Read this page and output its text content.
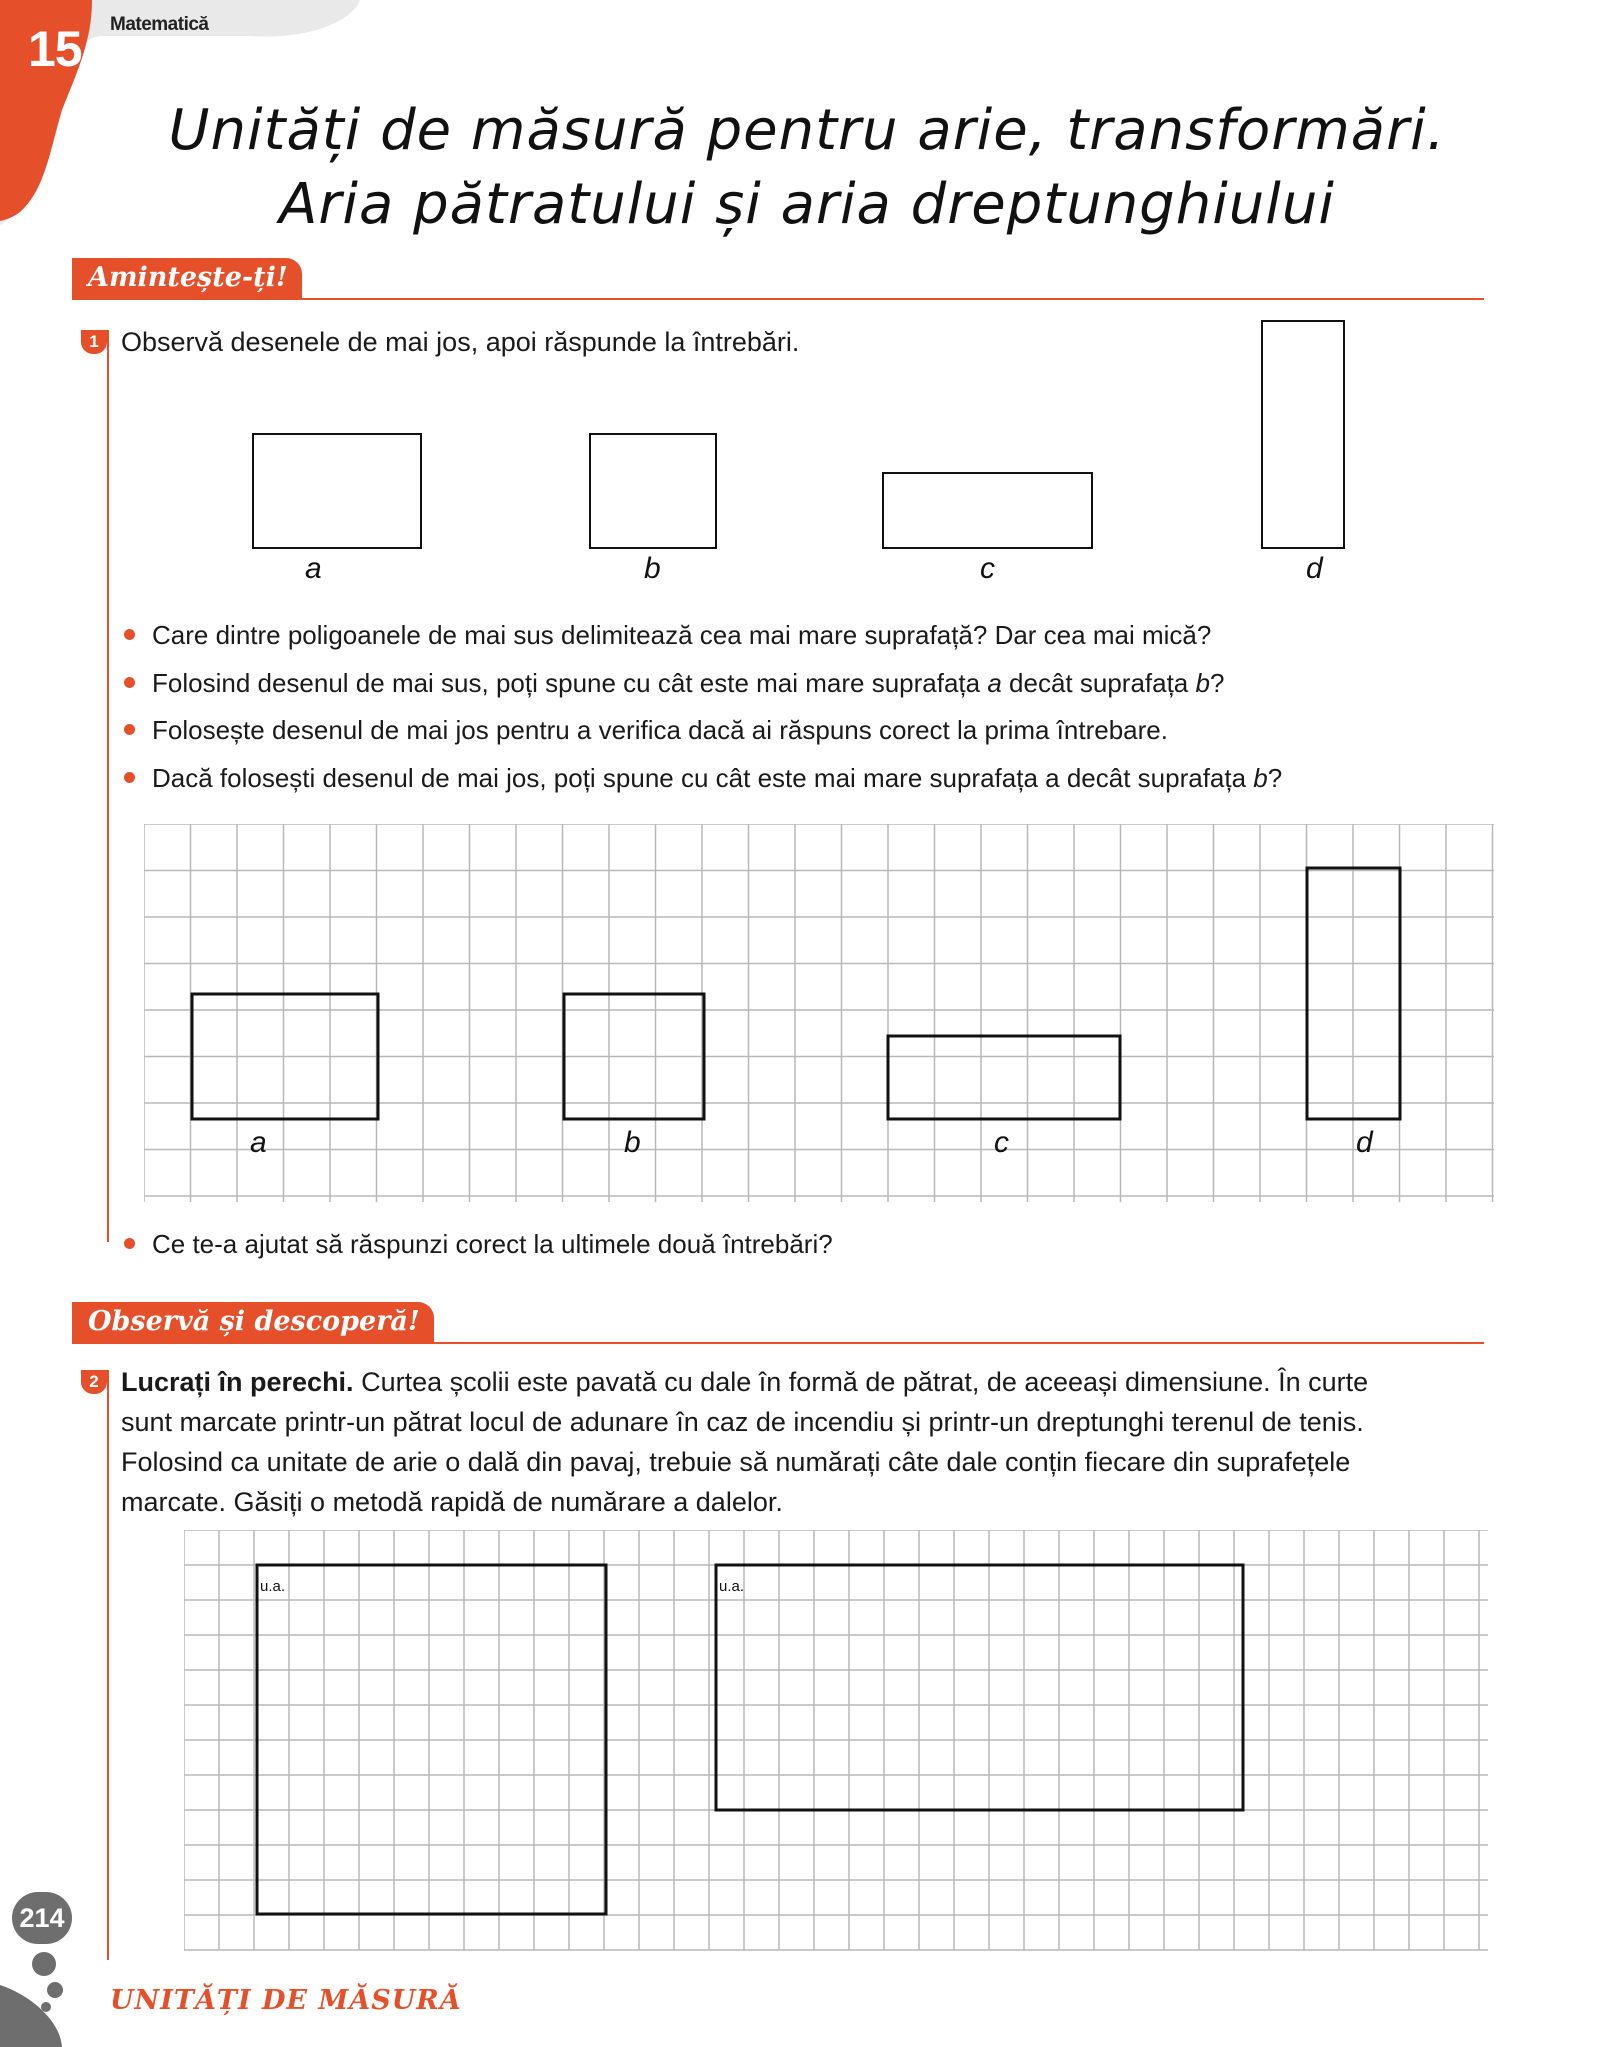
15 Matematică
Unități de măsură pentru arie, transformări.
Aria pătratului și aria dreptunghiului
Amintește-ți!
1 Observă desenele de mai jos, apoi răspunde la întrebări.
a	b	c	d
Care dintre poligoanele de mai sus delimitează cea mai mare suprafață? Dar cea mai mică?
Folosind desenul de mai sus, poți spune cu cât este mai mare suprafața a decât suprafața b?
Folosește desenul de mai jos pentru a verifica dacă ai răspuns corect la prima întrebare.
Dacă folosești desenul de mai jos, poți spune cu cât este mai mare suprafața a decât suprafața b?
a	b	c	d
Ce te-a ajutat să răspunzi corect la ultimele două întrebări?
Observă și descoperă!
2 Lucrați în perechi. Curtea școlii este pavată cu dale în formă de pătrat, de aceeași dimensiune. În curte
sunt marcate printr-un pătrat locul de adunare în caz de incendiu și printr-un dreptunghi terenul de tenis.
Folosind ca unitate de arie o dală din pavaj, trebuie să numărați câte dale conțin fiecare din suprafețele
marcate. Găsiți o metodă rapidă de numărare a dalelor.
u.a.	u.a.
214
UNITĂȚI DE MĂSURĂ
